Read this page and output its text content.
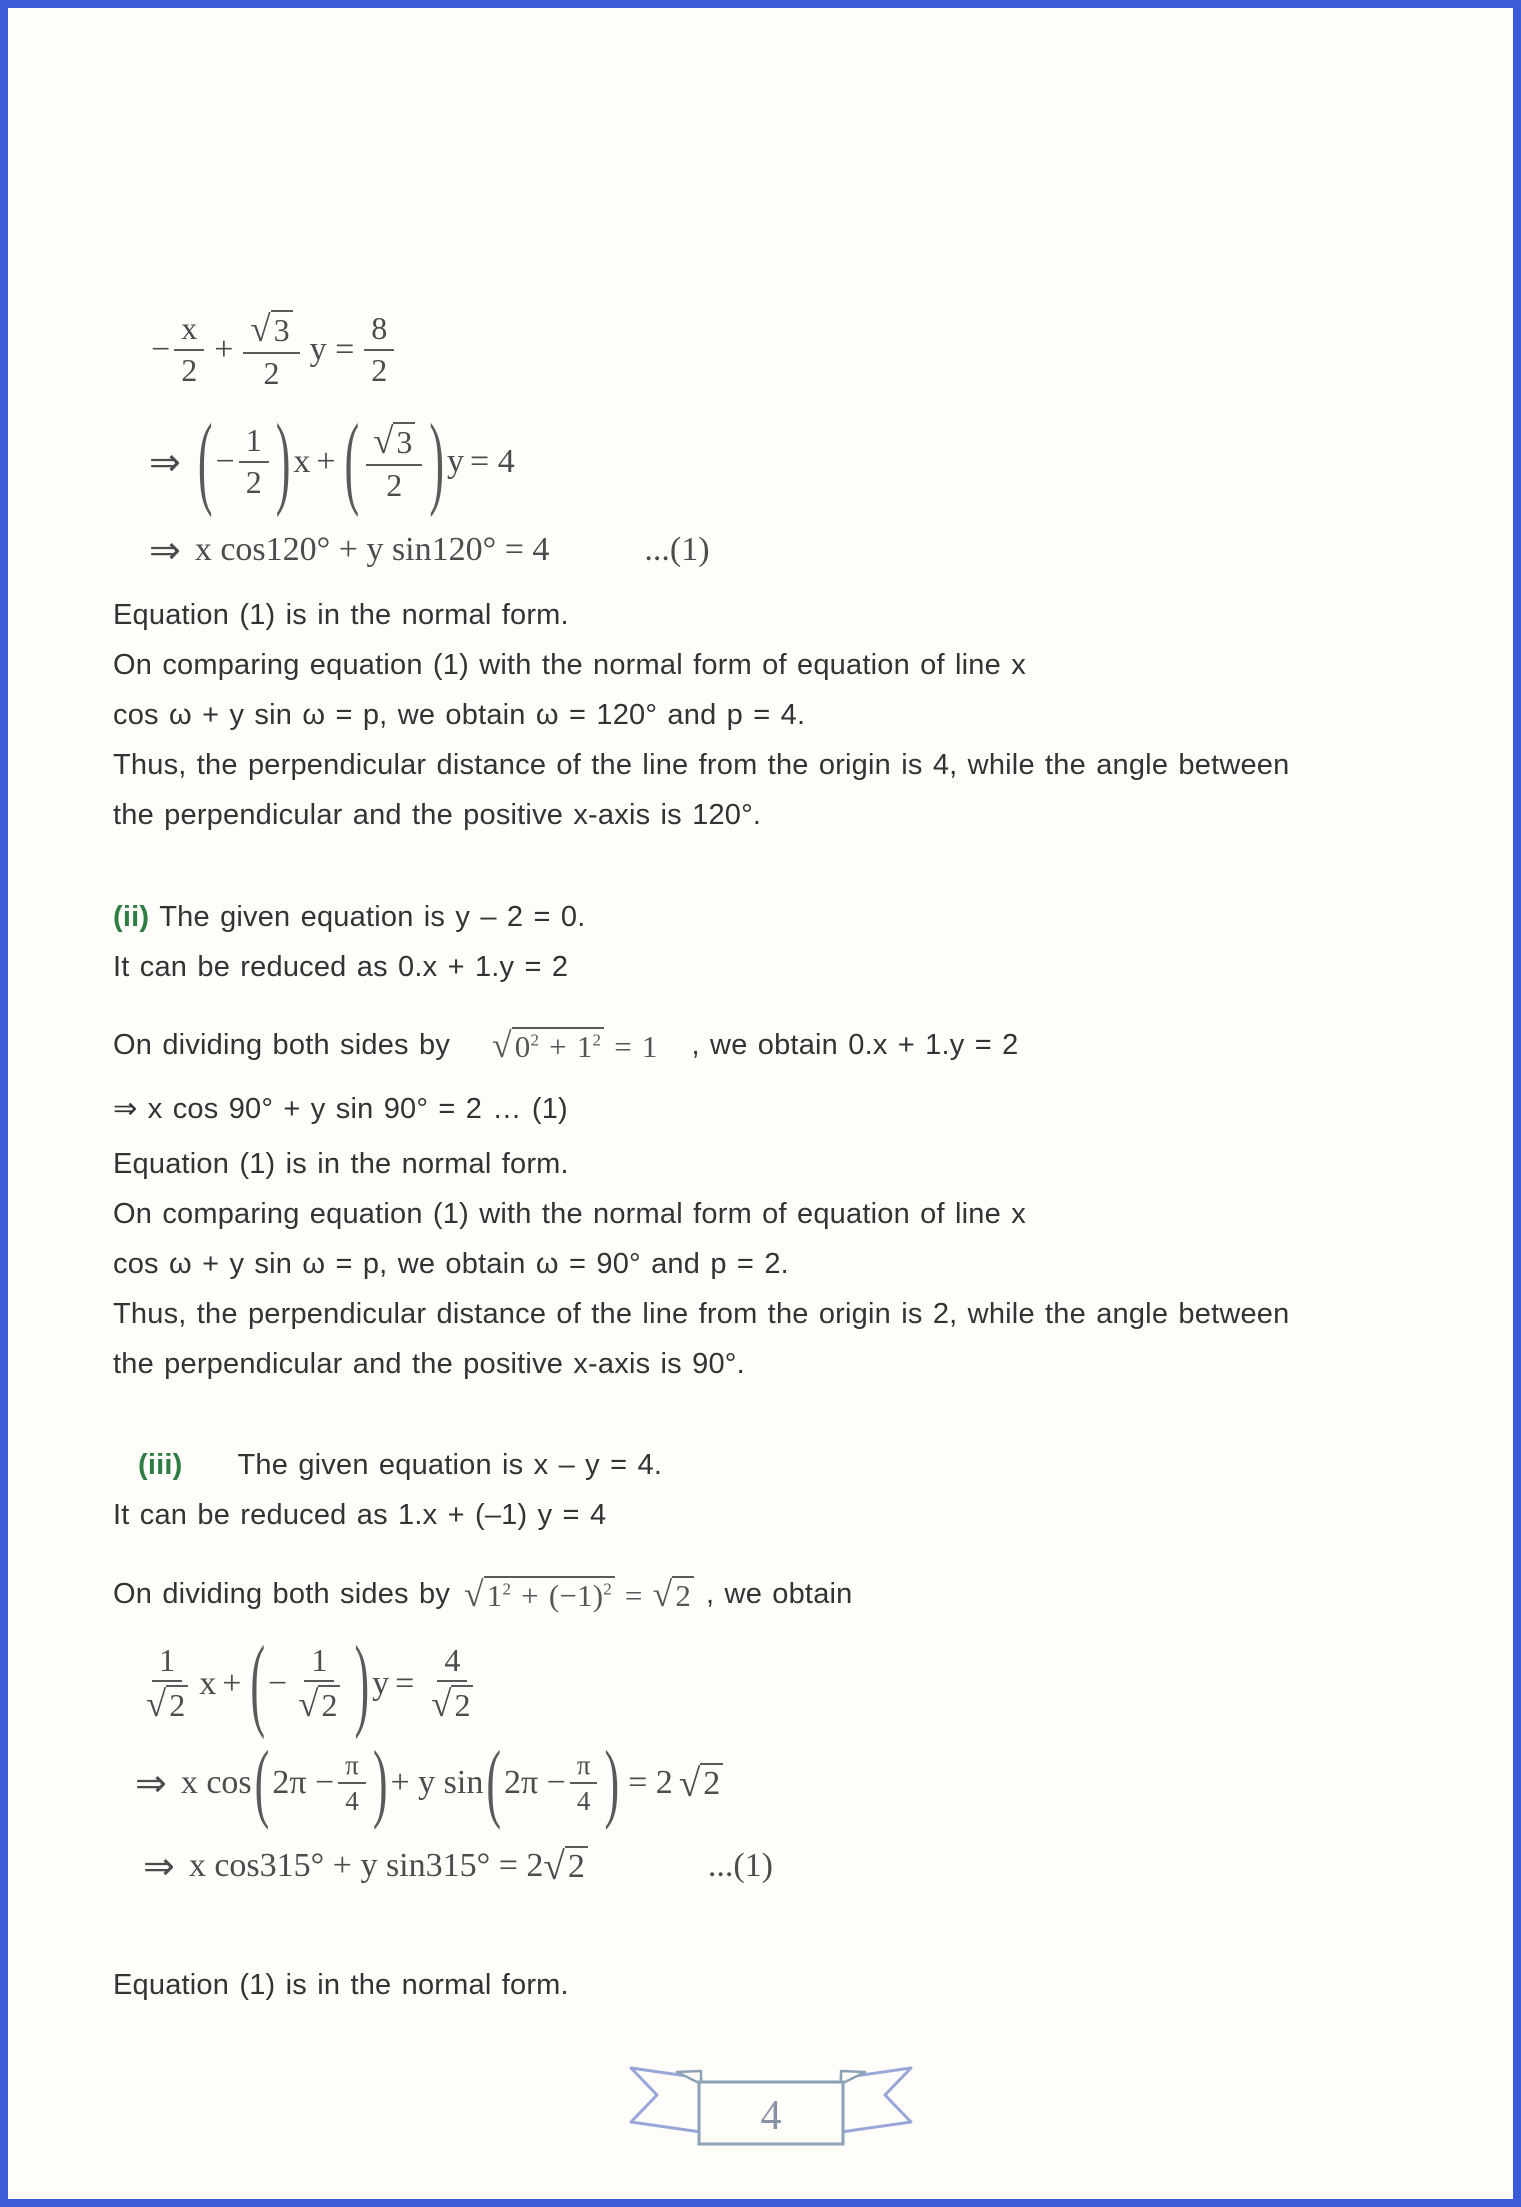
− $\frac{x}{2} + \frac{√3}{2}$ $y = \frac{8}{2}$
⇒ ( − $\frac{1}{2}$ ) x + ( $\frac{√3}{2}$ ) y = 4
⇒ x cos120° + y sin120° = 4	...(1)

Equation (1) is in the normal form.

On comparing equation (1) with the normal form of equation of line x

cos ω + y sin ω = p, we obtain ω = 120° and p = 4.

Thus, the perpendicular distance of the line from the origin is 4, while the angle between

the perpendicular and the positive x-axis is 120°.

(ii) The given equation is y – 2 = 0.

It can be reduced as 0.x + 1.y = 2

On dividing both sides by $√0^2 + 1^2 = 1$ , we obtain 0.x + 1.y = 2

⇒ x cos 90° + y sin 90° = 2 … (1)

Equation (1) is in the normal form.

On comparing equation (1) with the normal form of equation of line x

cos ω + y sin ω = p, we obtain ω = 90° and p = 2.

Thus, the perpendicular distance of the line from the origin is 2, while the angle between

the perpendicular and the positive x-axis is 90°.

(iii) The given equation is x – y = 4.

It can be reduced as 1.x + (–1) y = 4

On dividing both sides by $√1^2 + (-1)^2 = √2$ , we obtain
$\frac{1}{√2}$ x + ( − $\frac{1}{√2}$ ) $y = \frac{4}{√2}$
⇒ x cos ( $2\pi - \frac{\pi}{4}$ ) + y sin ( $2\pi - \frac{\pi}{4}$ ) = 2 √ 2
⇒ x cos315° + y sin315° = 2 √ 2	...(1)

Equation (1) is in the normal form.

4
